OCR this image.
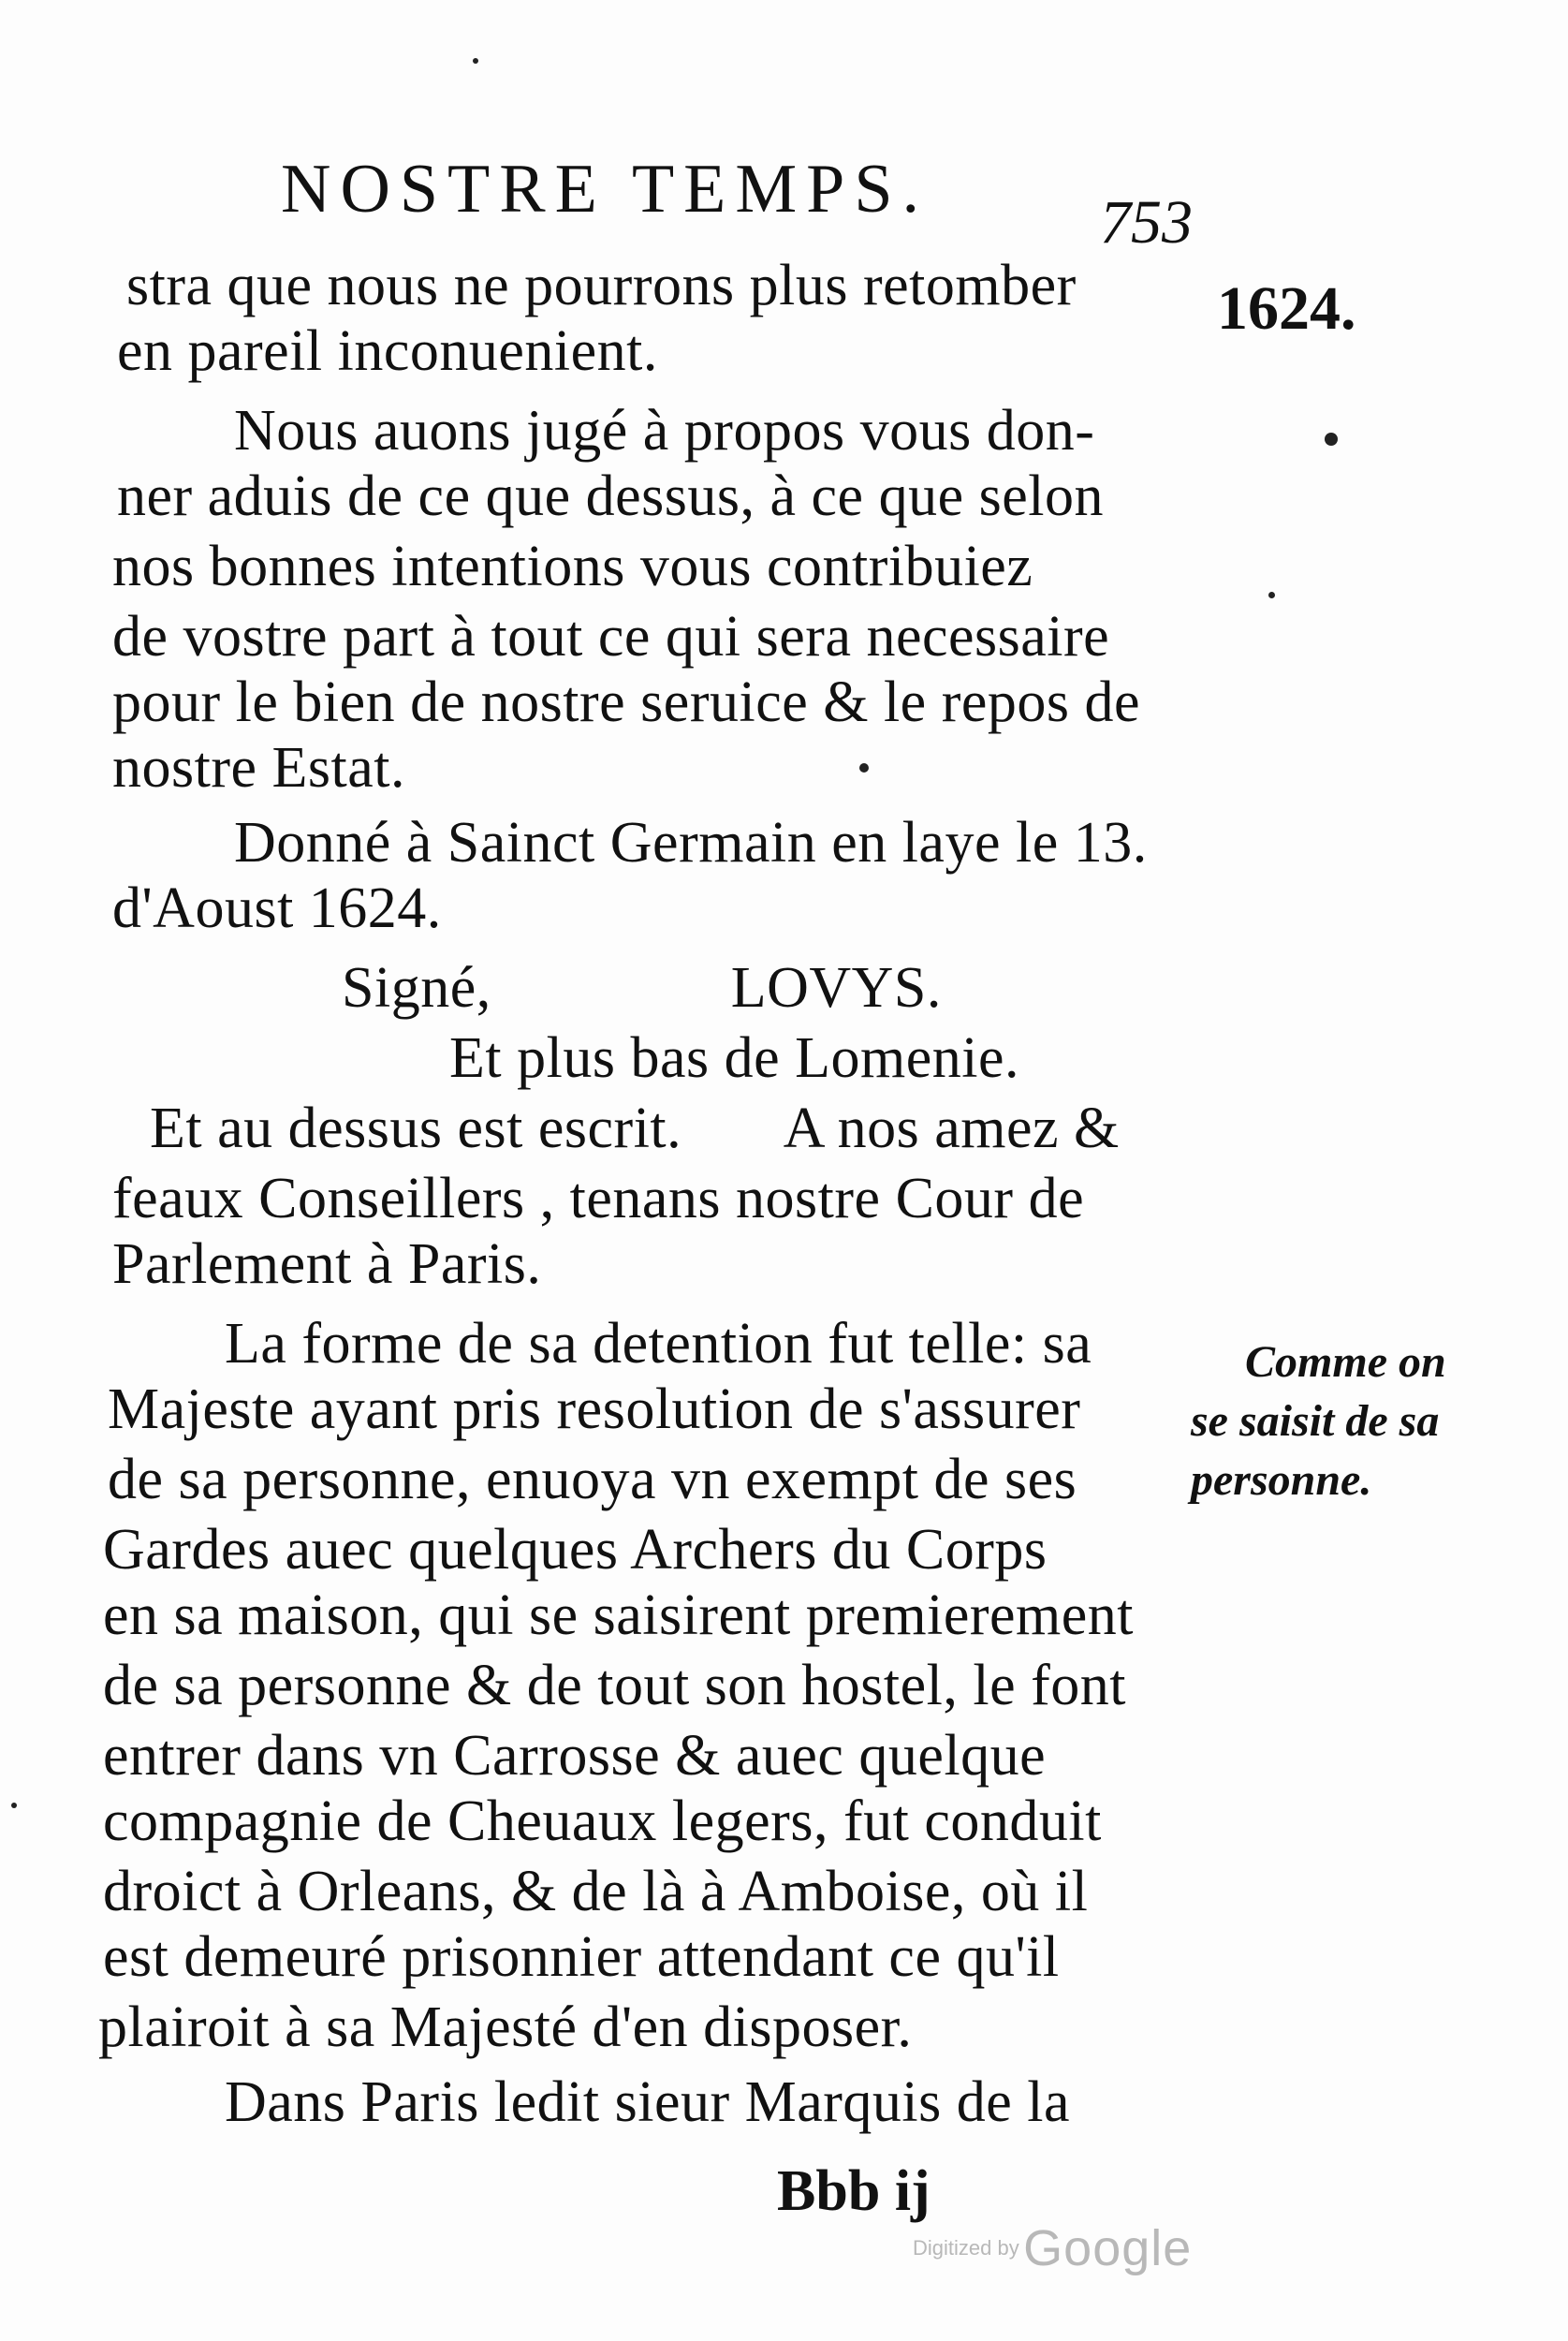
NOSTRE TEMPS.	753
1624.
stra que nous ne pourrons plus retomber
en pareil inconuenient.
Nous auons jugé à propos vous don-
ner aduis de ce que dessus, à ce que selon
nos bonnes intentions vous contribuiez
de vostre part à tout ce qui sera necessaire
pour le bien de nostre seruice & le repos de
nostre Estat.
Donné à Sainct Germain en laye le 13.
d'Aoust 1624.
Signé,                LOVYS.
Et plus bas de Lomenie.
Et au dessus est escrit.       A nos amez &
feaux Conseillers , tenans nostre Cour de
Parlement à Paris.
La forme de sa detention fut telle: sa
Majeste ayant pris resolution de s'assurer
de sa personne, enuoya vn exempt de ses
Gardes auec quelques Archers du Corps
en sa maison, qui se saisirent premierement
de sa personne & de tout son hostel, le font
entrer dans vn Carrosse & auec quelque
compagnie de Cheuaux legers, fut conduit
droict à Orleans, & de là à Amboise, où il
est demeuré prisonnier attendant ce qu'il
plairoit à sa Majesté d'en disposer.
Dans Paris ledit sieur Marquis de la
Comme on
se saisit de sa
personne.
Bbb ij
Digitized by Google
